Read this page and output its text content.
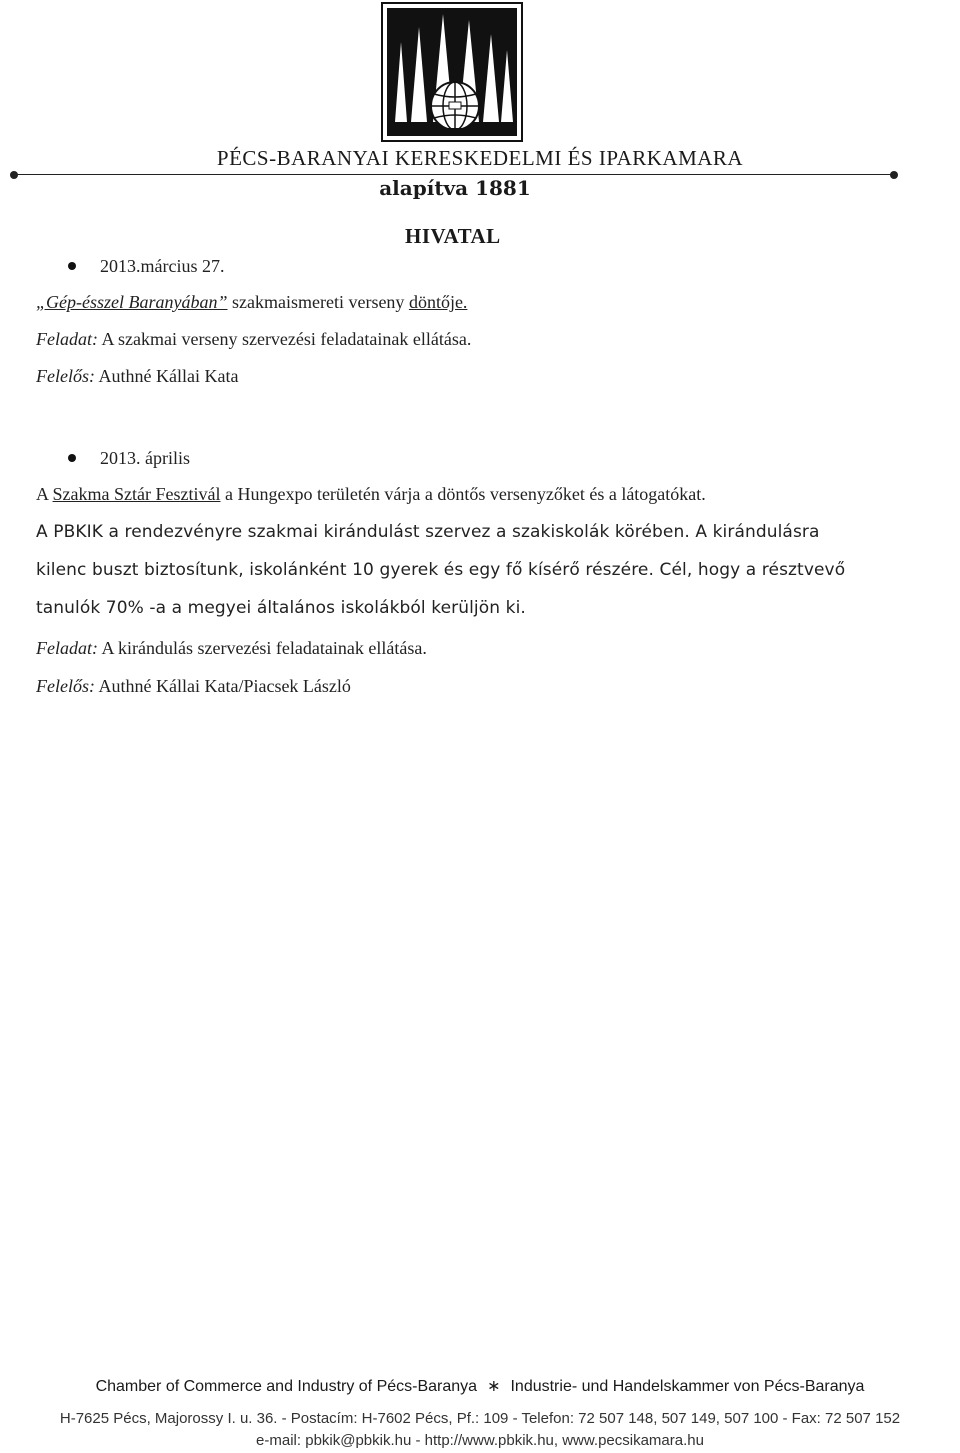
PÉCS-BARANYAI KERESKEDELMI ÉS IPARKAMARA
alapítva 1881
HIVATAL
2013.március 27.
„Gép-ésszel Baranyában” szakmaismereti verseny döntője.
Feladat: A szakmai verseny szervezési feladatainak ellátása.
Felelős: Authné Kállai Kata
2013. április
A Szakma Sztár Fesztivál a Hungexpo területén várja a döntős versenyzőket és a látogatókat.
A PBKIK a rendezvényre szakmai kirándulást szervez a szakiskolák körében. A kirándulásra
kilenc buszt biztosítunk, iskolánként 10 gyerek és egy fő kísérő részére. Cél, hogy a résztvevő
tanulók 70% -a a megyei általános iskolákból kerüljön ki.
Feladat: A kirándulás szervezési feladatainak ellátása.
Felelős: Authné Kállai Kata/Piacsek László
Chamber of Commerce and Industry of Pécs-Baranya ∗ Industrie- und Handelskammer von Pécs-Baranya
H-7625 Pécs, Majorossy I. u. 36. - Postacím: H-7602 Pécs, Pf.: 109 - Telefon: 72 507 148, 507 149, 507 100 - Fax: 72 507 152
e-mail: pbkik@pbkik.hu - http://www.pbkik.hu, www.pecsikamara.hu
